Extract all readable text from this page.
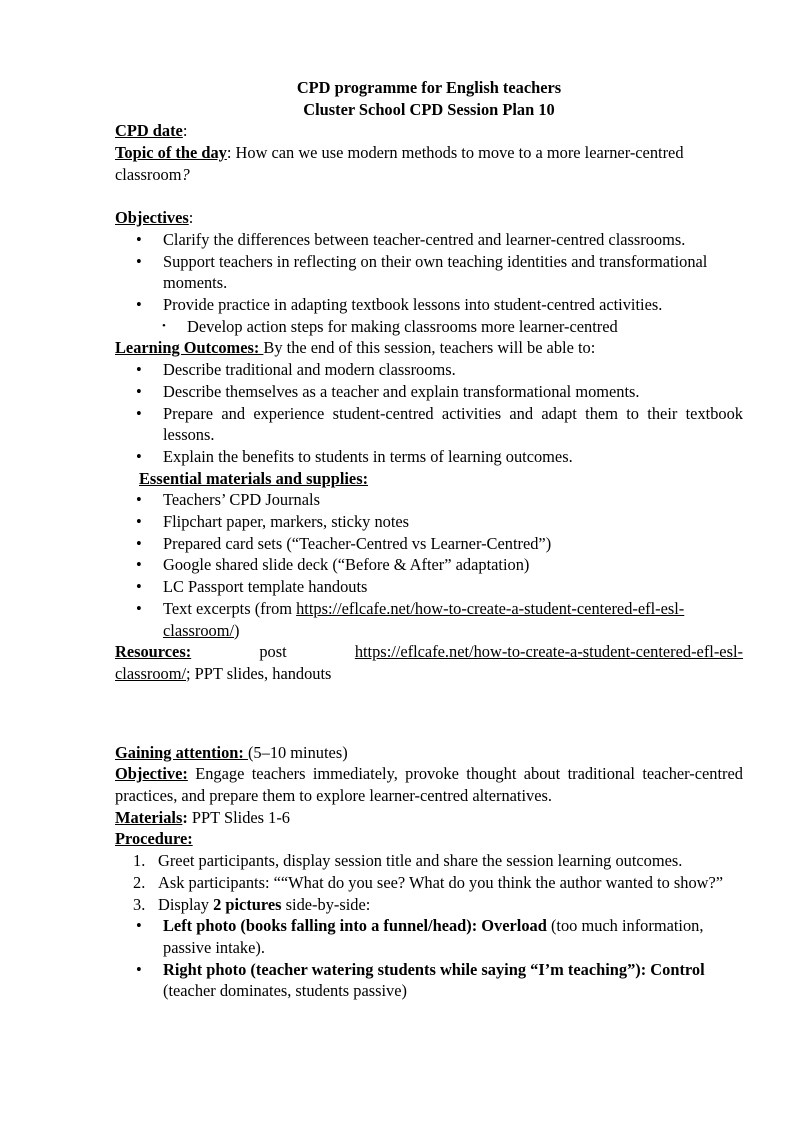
CPD programme for English teachers

Cluster School CPD Session Plan 10

CPD date:

Topic of the day: How can we use modern methods to move to a more learner-centred classroom?

Objectives:

• Clarify the differences between teacher-centred and learner-centred classrooms.
• Support teachers in reflecting on their own teaching identities and transformational moments.
• Provide practice in adapting textbook lessons into student-centred activities.
• Develop action steps for making classrooms more learner-centred

Learning Outcomes: By the end of this session, teachers will be able to:

• Describe traditional and modern classrooms.
• Describe themselves as a teacher and explain transformational moments.
• Prepare and experience student-centred activities and adapt them to their textbook lessons.
• Explain the benefits to students in terms of learning outcomes.

Essential materials and supplies:

• Teachers’ CPD Journals
• Flipchart paper, markers, sticky notes
• Prepared card sets (“Teacher-Centred vs Learner-Centred”)
• Google shared slide deck (“Before & After” adaptation)
• LC Passport template handouts
• Text excerpts (from https://eflcafe.net/how-to-create-a-student-centered-efl-esl-classroom/)
Resources:	post	https://eflcafe.net/how-to-create-a-student-centered-efl-esl-

classroom/; PPT slides, handouts

Gaining attention: (5–10 minutes)

Objective: Engage teachers immediately, provoke thought about traditional teacher-centred practices, and prepare them to explore learner-centred alternatives.

Materials: PPT Slides 1-6

Procedure:

1. Greet participants, display session title and share the session learning outcomes.
2. Ask participants: ““What do you see? What do you think the author wanted to show?”
3. Display 2 pictures side-by-side:
• Left photo (books falling into a funnel/head): Overload (too much information, passive intake).
• Right photo (teacher watering students while saying “I’m teaching”): Control (teacher dominates, students passive)
